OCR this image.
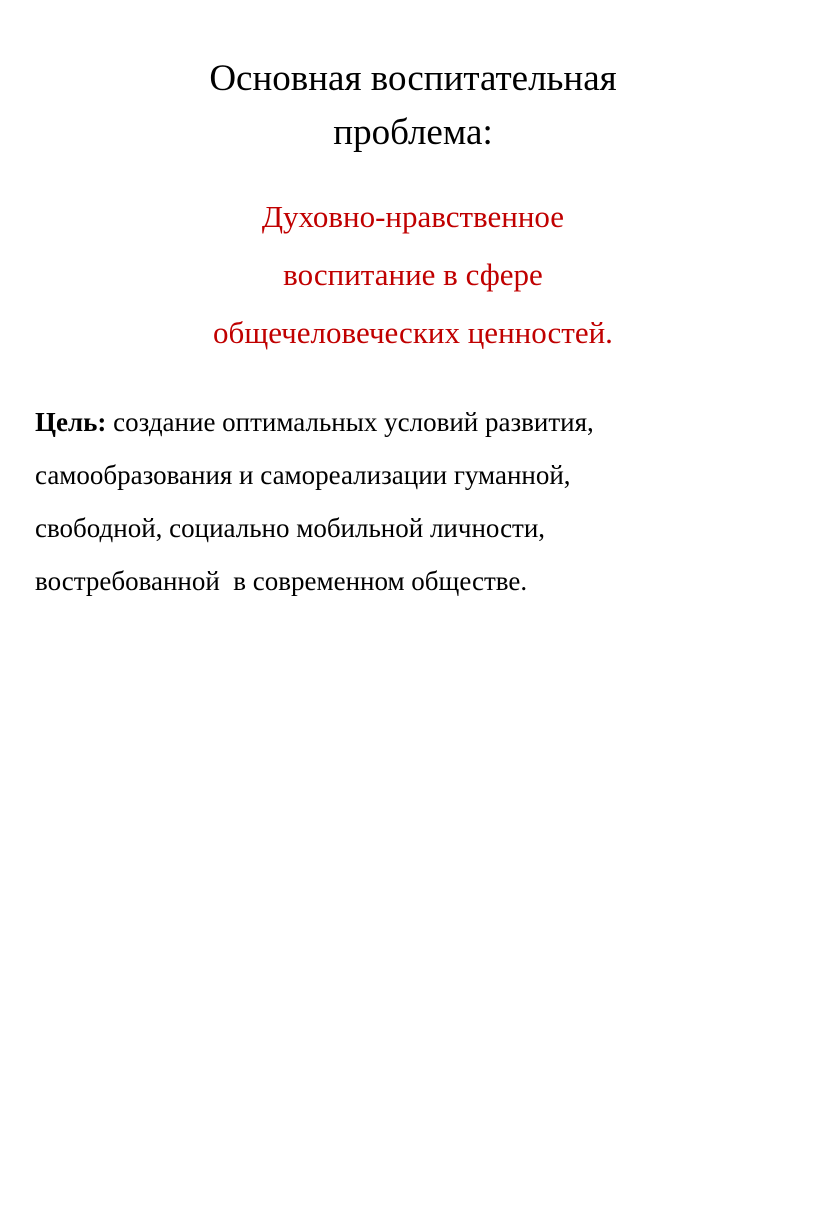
Основная воспитательная
проблема:
Духовно-нравственное
воспитание в сфере
общечеловеческих ценностей.
Цель: создание оптимальных условий развития,
самообразования и самореализации гуманной,
свободной, социально мобильной личности,
востребованной  в современном обществе.
